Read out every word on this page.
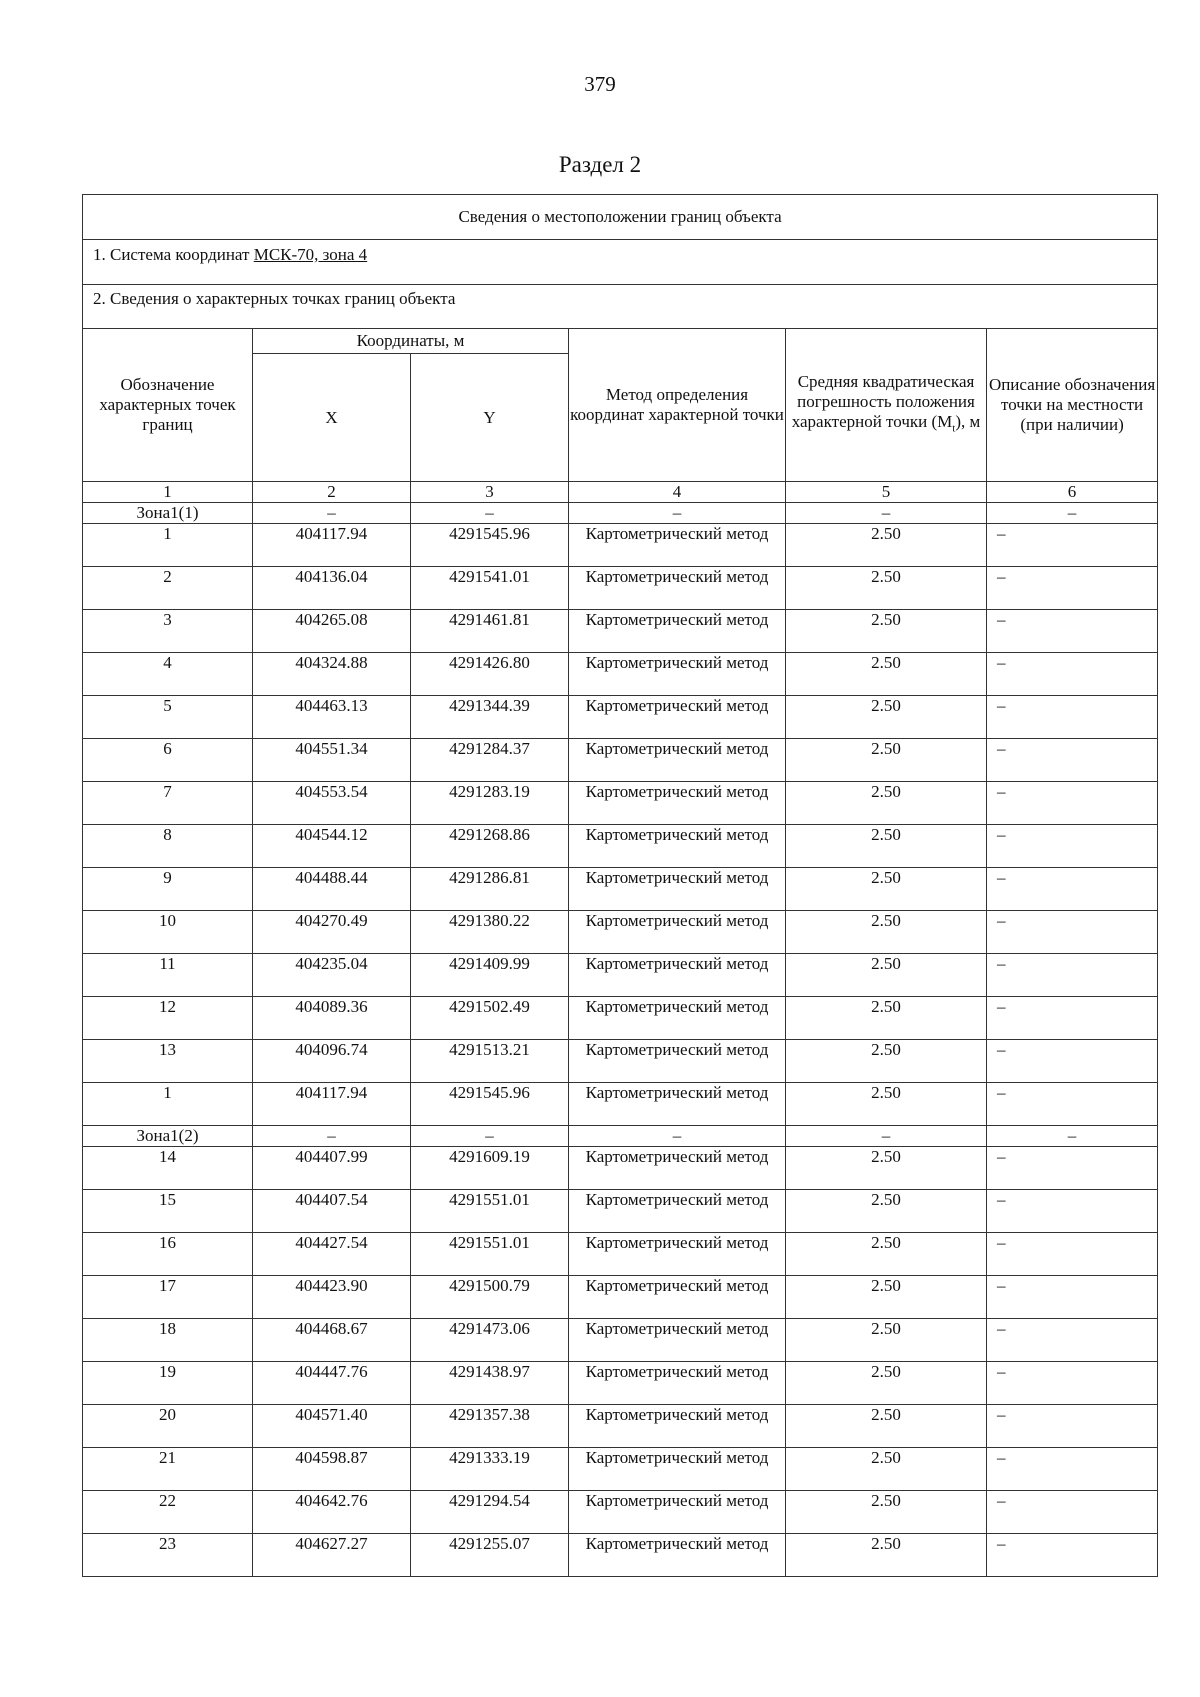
379
Раздел 2
Сведения о местоположении границ объекта					
1. Система координат МСК-70, зона 4					
2. Сведения о характерных точках границ объекта					
Обозначение характерных точек границ	Координаты, м		Метод определения координат характерной точки	Средняя квадратическая погрешность положения характерной точки $(M_t)$, м	Описание обозначения точки на местности (при наличии)
	X	Y			
1	2	3	4	5	6
Зона1(1)	–	–	–	–	–
1	404117.94	4291545.96	Картометрический метод	2.50	–
2	404136.04	4291541.01	Картометрический метод	2.50	–
3	404265.08	4291461.81	Картометрический метод	2.50	–
4	404324.88	4291426.80	Картометрический метод	2.50	–
5	404463.13	4291344.39	Картометрический метод	2.50	–
6	404551.34	4291284.37	Картометрический метод	2.50	–
7	404553.54	4291283.19	Картометрический метод	2.50	–
8	404544.12	4291268.86	Картометрический метод	2.50	–
9	404488.44	4291286.81	Картометрический метод	2.50	–
10	404270.49	4291380.22	Картометрический метод	2.50	–
11	404235.04	4291409.99	Картометрический метод	2.50	–
12	404089.36	4291502.49	Картометрический метод	2.50	–
13	404096.74	4291513.21	Картометрический метод	2.50	–
1	404117.94	4291545.96	Картометрический метод	2.50	–
Зона1(2)	–	–	–	–	–
14	404407.99	4291609.19	Картометрический метод	2.50	–
15	404407.54	4291551.01	Картометрический метод	2.50	–
16	404427.54	4291551.01	Картометрический метод	2.50	–
17	404423.90	4291500.79	Картометрический метод	2.50	–
18	404468.67	4291473.06	Картометрический метод	2.50	–
19	404447.76	4291438.97	Картометрический метод	2.50	–
20	404571.40	4291357.38	Картометрический метод	2.50	–
21	404598.87	4291333.19	Картометрический метод	2.50	–
22	404642.76	4291294.54	Картометрический метод	2.50	–
23	404627.27	4291255.07	Картометрический метод	2.50	–
